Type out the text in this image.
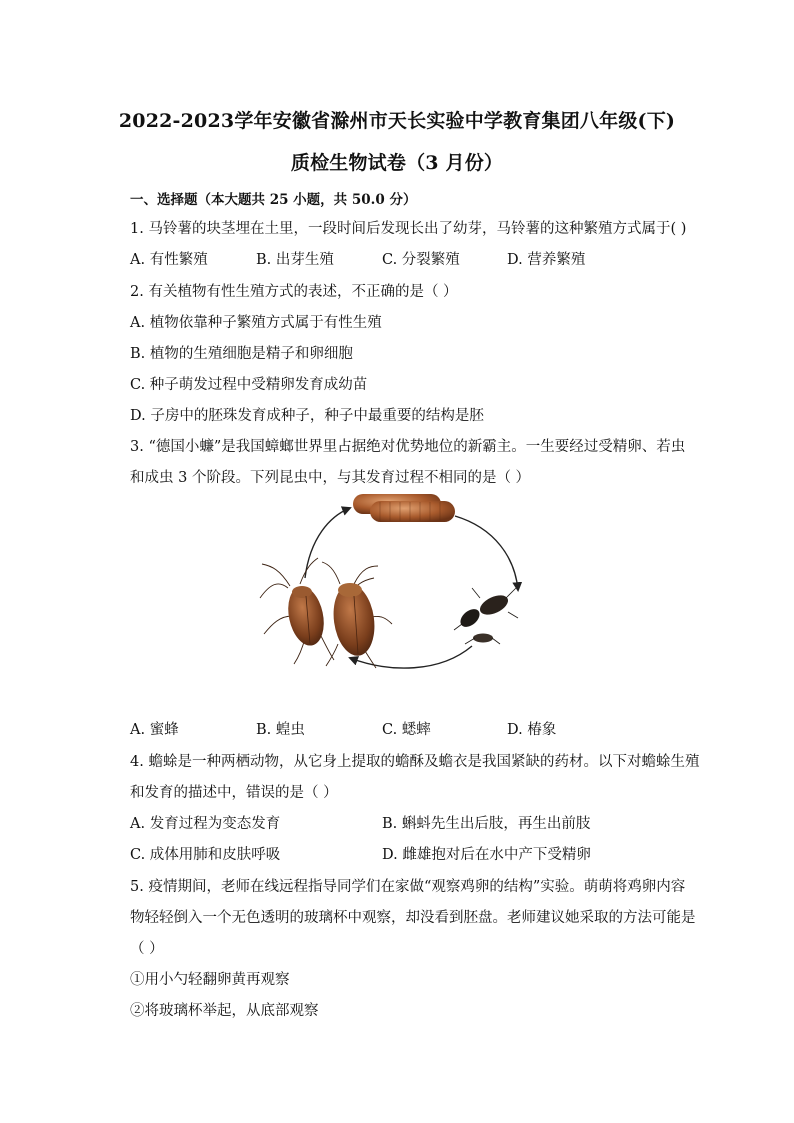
2022-2023学年安徽省滁州市天长实验中学教育集团八年级(下)
质检生物试卷（3 月份）
一、选择题（本大题共 25 小题，共 50.0 分）
1. 马铃薯的块茎埋在土里，一段时间后发现长出了幼芽，马铃薯的这种繁殖方式属于( )
A. 有性繁殖	B. 出芽生殖	C. 分裂繁殖	D. 营养繁殖
2. 有关植物有性生殖方式的表述，不正确的是（ ）
A. 植物依靠种子繁殖方式属于有性生殖
B. 植物的生殖细胞是精子和卵细胞
C. 种子萌发过程中受精卵发育成幼苗
D. 子房中的胚珠发育成种子，种子中最重要的结构是胚
3. “德国小蠊”是我国蟑螂世界里占据绝对优势地位的新霸主。一生要经过受精卵、若虫
和成虫 3 个阶段。下列昆虫中，与其发育过程不相同的是（ ）
A. 蜜蜂	B. 蝗虫	C. 蟋蟀	D. 椿象
4. 蟾蜍是一种两栖动物，从它身上提取的蟾酥及蟾衣是我国紧缺的药材。以下对蟾蜍生殖
和发育的描述中，错误的是（ ）
A. 发育过程为变态发育	B. 蝌蚪先生出后肢，再生出前肢
C. 成体用肺和皮肤呼吸	D. 雌雄抱对后在水中产下受精卵
5. 疫情期间，老师在线远程指导同学们在家做“观察鸡卵的结构”实验。萌萌将鸡卵内容
物轻轻倒入一个无色透明的玻璃杯中观察，却没看到胚盘。老师建议她采取的方法可能是
（ ）
①用小勺轻翻卵黄再观察
②将玻璃杯举起，从底部观察
